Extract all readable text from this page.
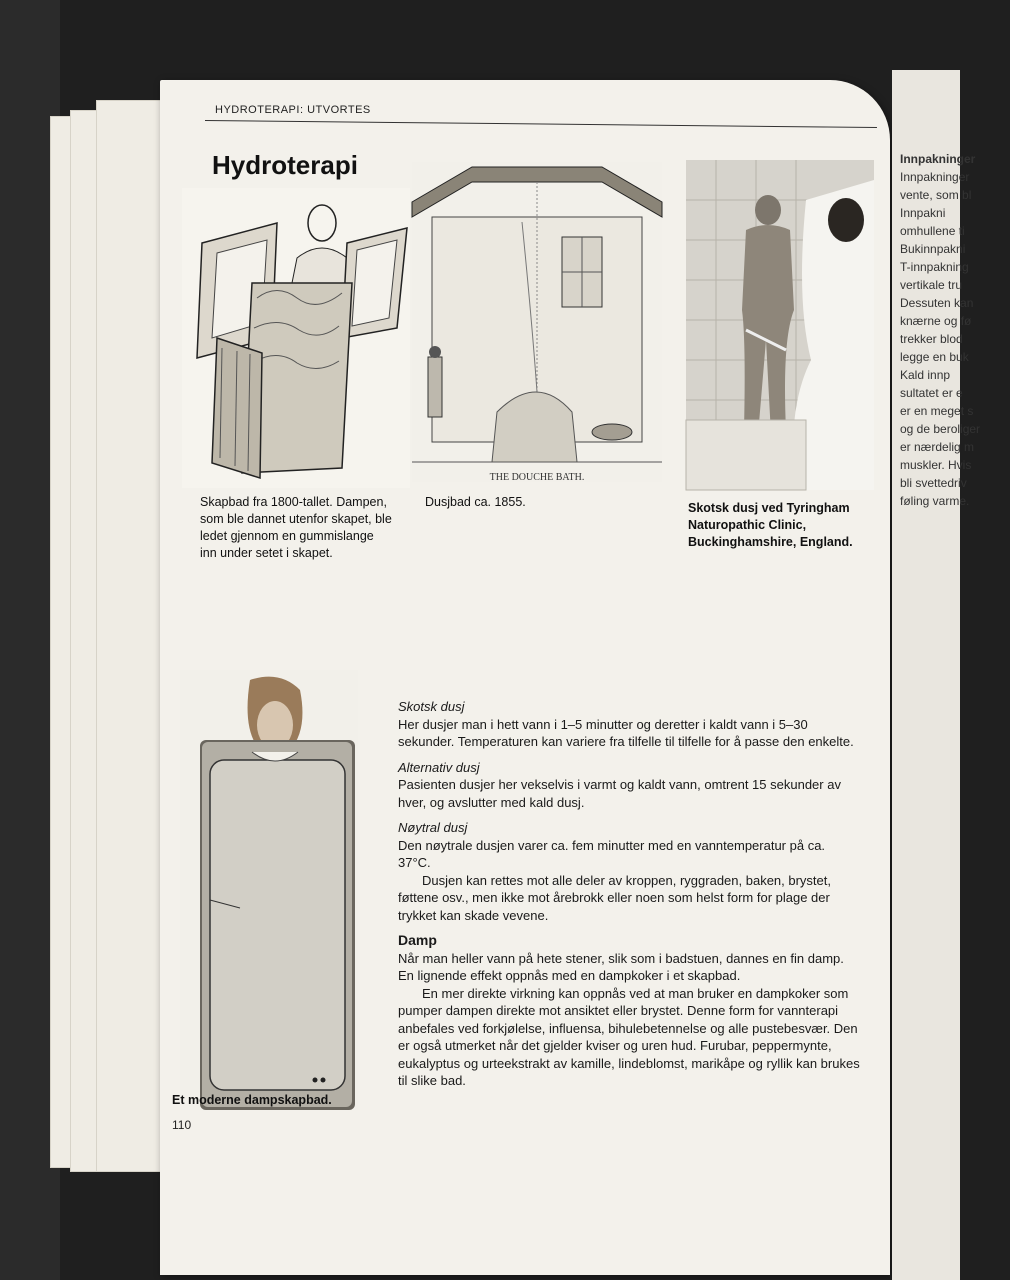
Innpakninger
Innpakninger
vente, som bl
Innpakni
omhullene ti
Bukinnpakni
T-innpakning
vertikale tru
Dessuten kan
knærne og fø
trekker blod
legge en buk
Kald innp
sultatet er e
er en meget s
og de beroliger
er nærdelig m
muskler. Hvis
bli svettedriv
føling varme.
HYDROTERAPI: UTVORTES
Hydroterapi
Skapbad fra 1800-tallet. Dampen, som ble dannet utenfor skapet, ble ledet gjennom en gummislange inn under setet i skapet.
THE DOUCHE BATH.
Dusjbad ca. 1855.	Skotsk dusj ved Tyringham Naturopathic Clinic, Buckinghamshire, England.
Et moderne dampskapbad.
Skotsk dusj

Her dusjer man i hett vann i 1–5 minutter og deretter i kaldt vann i 5–30 sekunder. Temperaturen kan variere fra tilfelle til tilfelle for å passe den enkelte.

Alternativ dusj

Pasienten dusjer her vekselvis i varmt og kaldt vann, omtrent 15 sekunder av hver, og avslutter med kald dusj.

Nøytral dusj

Den nøytrale dusjen varer ca. fem minutter med en vanntemperatur på ca. 37°C.

Dusjen kan rettes mot alle deler av kroppen, ryggraden, baken, brystet, føttene osv., men ikke mot årebrokk eller noen som helst form for plage der trykket kan skade vevene.

Damp

Når man heller vann på hete stener, slik som i badstuen, dannes en fin damp. En lignende effekt oppnås med en dampkoker i et skapbad.

En mer direkte virkning kan oppnås ved at man bruker en dampkoker som pumper dampen direkte mot ansiktet eller brystet. Denne form for vannterapi anbefales ved forkjølelse, influensa, bihulebetennelse og alle pustebesvær. Den er også utmerket når det gjelder kviser og uren hud. Furubar, peppermynte, eukalyptus og urteekstrakt av kamille, lindeblomst, marikåpe og ryllik kan brukes til slike bad.

110
